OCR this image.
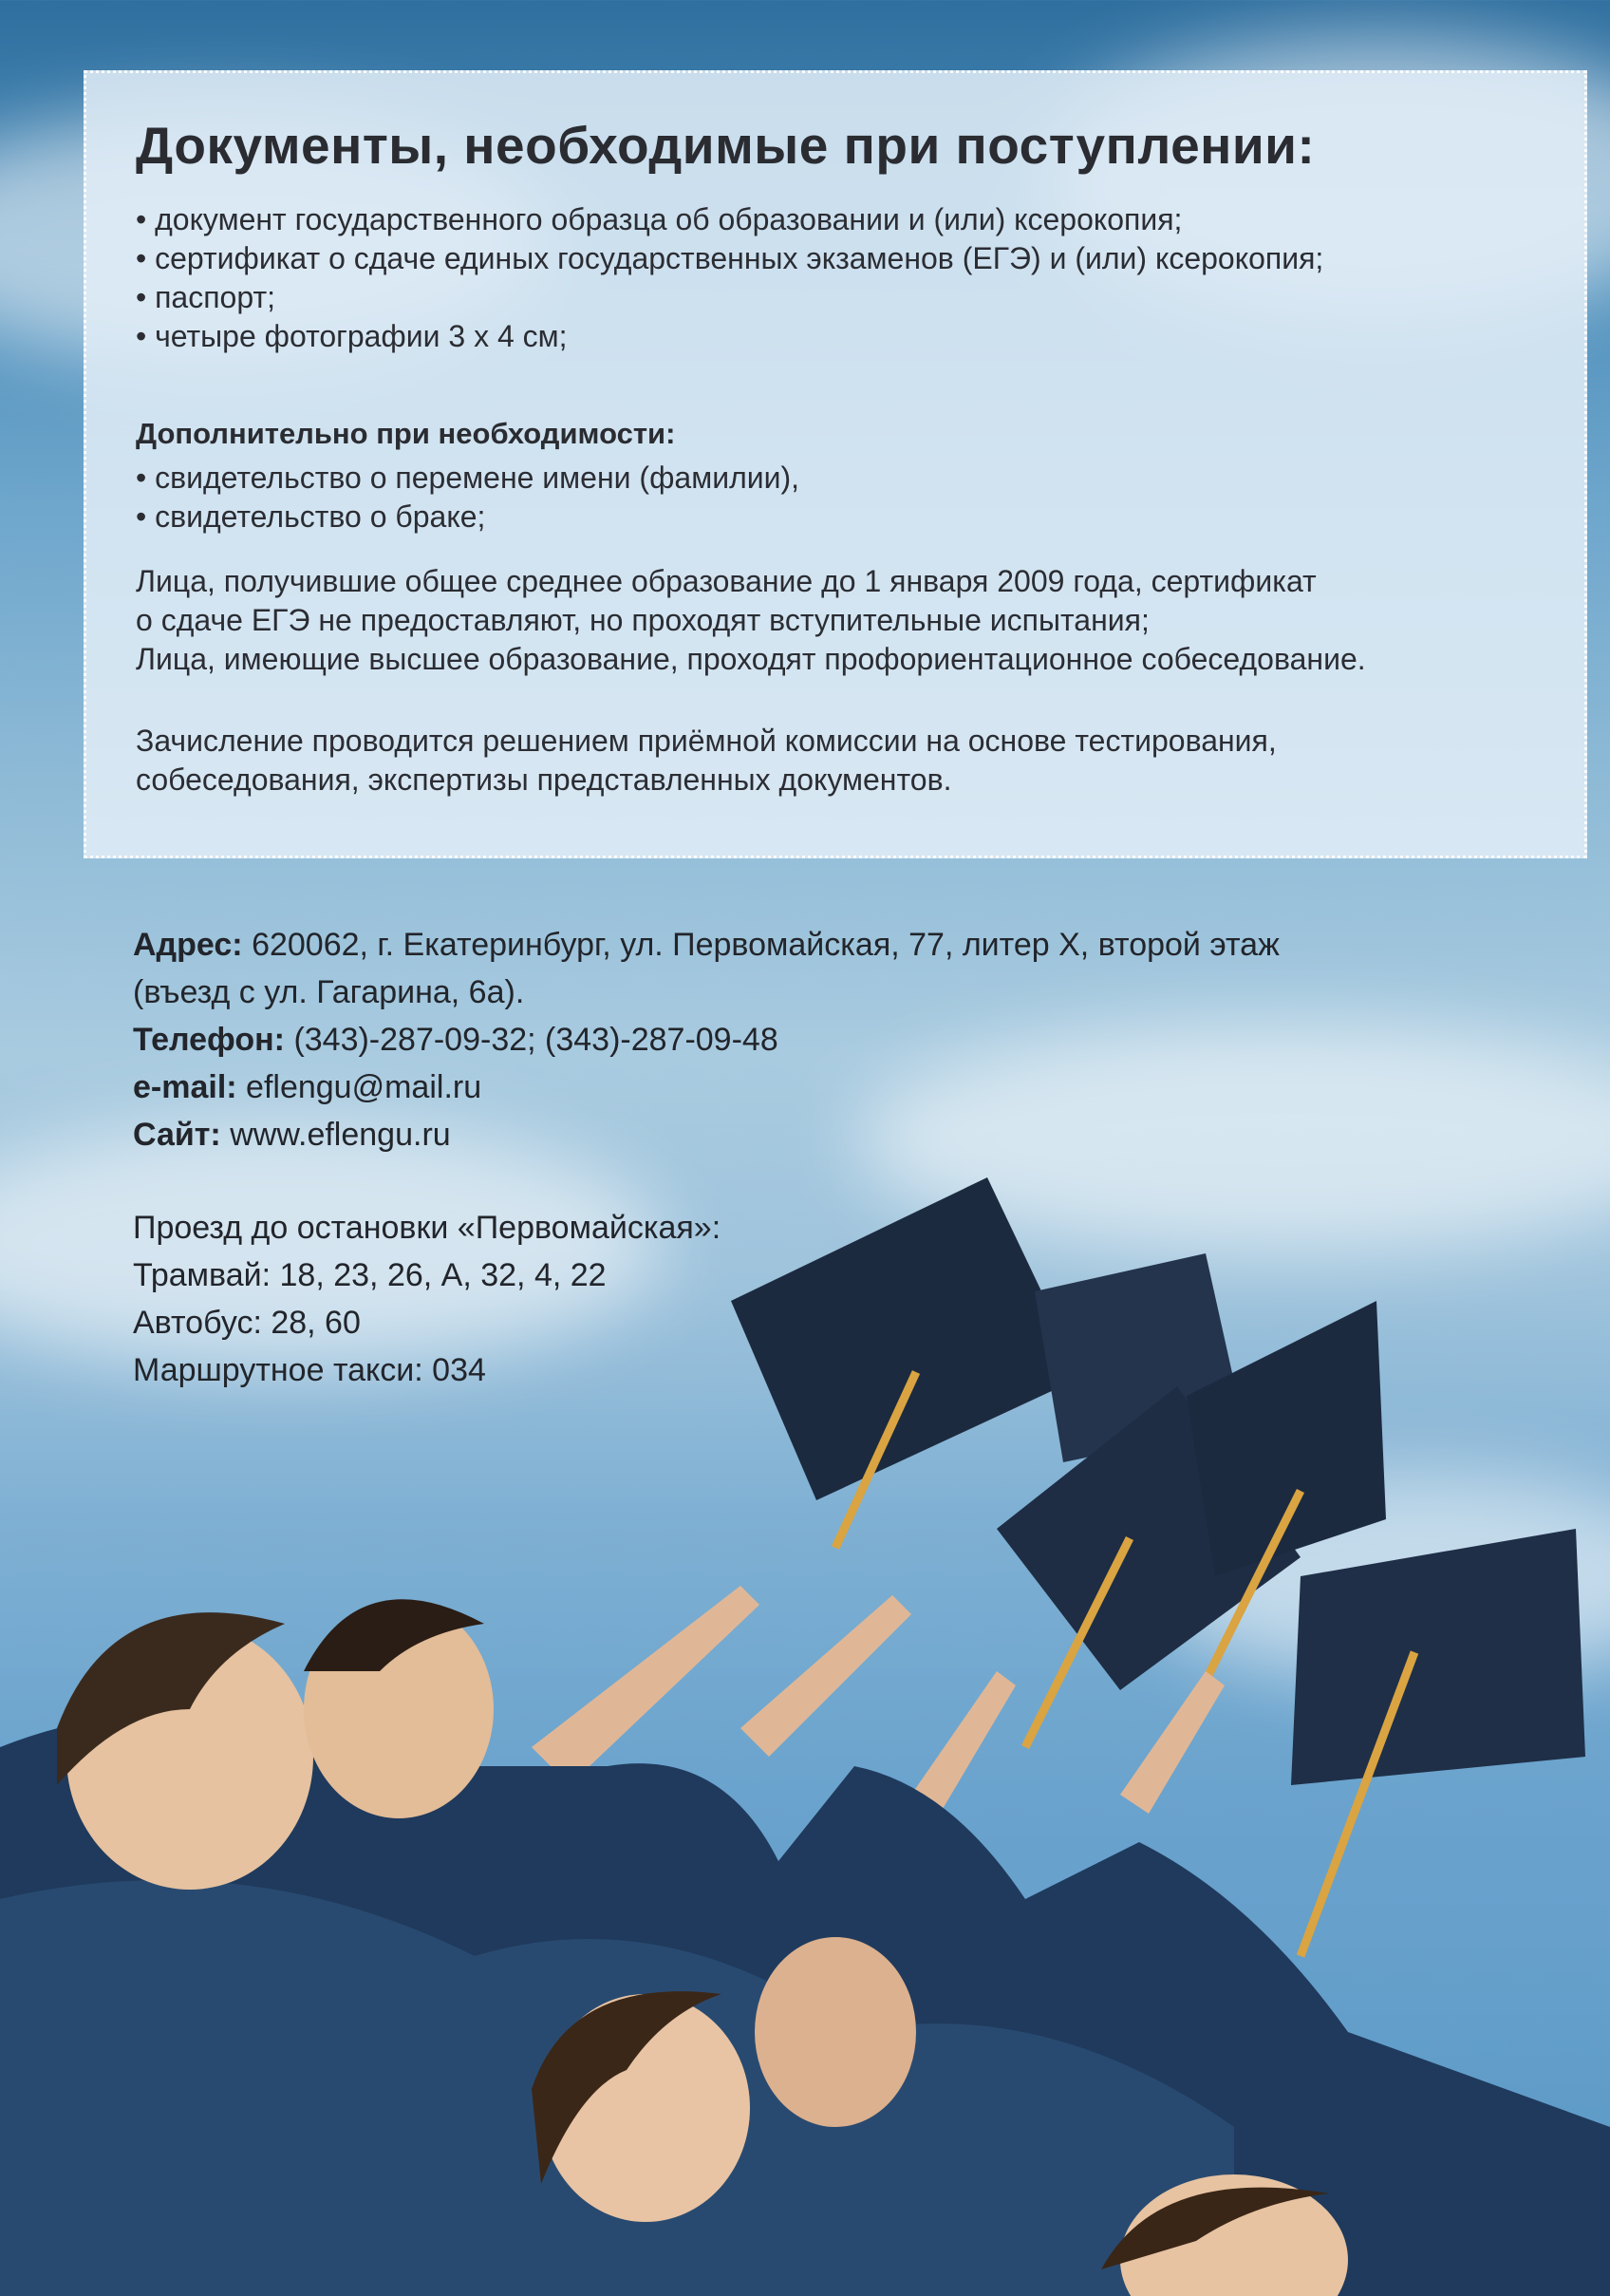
Документы, необходимые при поступлении:
• документ государственного образца об образовании и (или) ксерокопия;
• сертификат о сдаче единых государственных экзаменов (ЕГЭ) и (или) ксерокопия;
• паспорт;
• четыре фотографии 3 х 4 см;
Дополнительно при необходимости:
• свидетельство о перемене имени (фамилии),
• свидетельство о браке;

Лица, получившие общее среднее образование до 1 января 2009 года, сертификат
о сдаче ЕГЭ не предоставляют, но проходят вступительные испытания;
Лица, имеющие высшее образование, проходят профориентационное собеседование.

Зачисление проводится решением приёмной комиссии на основе тестирования,
собеседования, экспертизы представленных документов.

Адрес: 620062, г. Екатеринбург, ул. Первомайская, 77, литер Х, второй этаж
(въезд с ул. Гагарина, 6а).
Телефон: (343)-287-09-32; (343)-287-09-48
e-mail: eflengu@mail.ru
Сайт: www.eflengu.ru
Проезд до остановки «Первомайская»:
Трамвай: 18, 23, 26, А, 32, 4, 22
Автобус: 28, 60
Маршрутное такси: 034
